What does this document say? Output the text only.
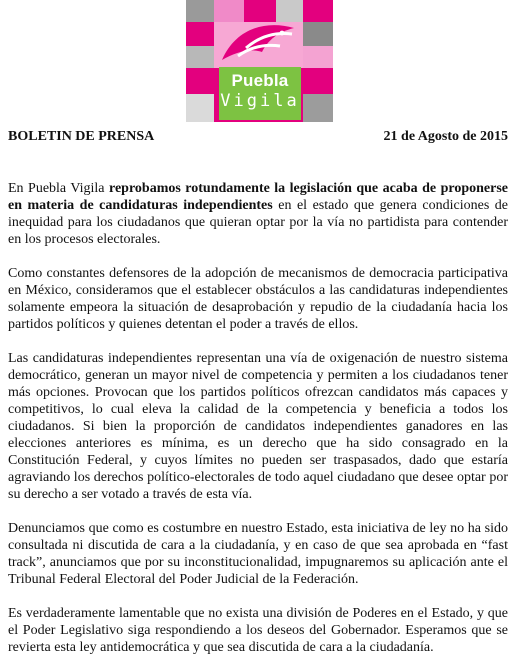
Puebla
Vigila
BOLETIN DE PRENSA	21 de Agosto de 2015

En Puebla Vigila reprobamos rotundamente la legislación que acaba de proponerse en materia de candidaturas independientes en el estado que genera condiciones de inequidad para los ciudadanos que quieran optar por la vía no partidista para contender en los procesos electorales.

Como constantes defensores de la adopción de mecanismos de democracia participativa en México, consideramos que el establecer obstáculos a las candidaturas independientes solamente empeora la situación de desaprobación y repudio de la ciudadanía hacia los partidos políticos y quienes detentan el poder a través de ellos.

Las candidaturas independientes representan una vía de oxigenación de nuestro sistema democrático, generan un mayor nivel de competencia y permiten a los ciudadanos tener más opciones. Provocan que los partidos políticos ofrezcan candidatos más capaces y competitivos, lo cual eleva la calidad de la competencia y beneficia a todos los ciudadanos. Si bien la proporción de candidatos independientes ganadores en las elecciones anteriores es mínima, es un derecho que ha sido consagrado en la Constitución Federal, y cuyos límites no pueden ser traspasados, dado que estaría agraviando los derechos político-electorales de todo aquel ciudadano que desee optar por su derecho a ser votado a través de esta vía.

Denunciamos que como es costumbre en nuestro Estado, esta iniciativa de ley no ha sido consultada ni discutida de cara a la ciudadanía, y en caso de que sea aprobada en “fast track”, anunciamos que por su inconstitucionalidad, impugnaremos su aplicación ante el Tribunal Federal Electoral del Poder Judicial de la Federación.

Es verdaderamente lamentable que no exista una división de Poderes en el Estado, y que el Poder Legislativo siga respondiendo a los deseos del Gobernador. Esperamos que se revierta esta ley antidemocrática y que sea discutida de cara a la ciudadanía.
